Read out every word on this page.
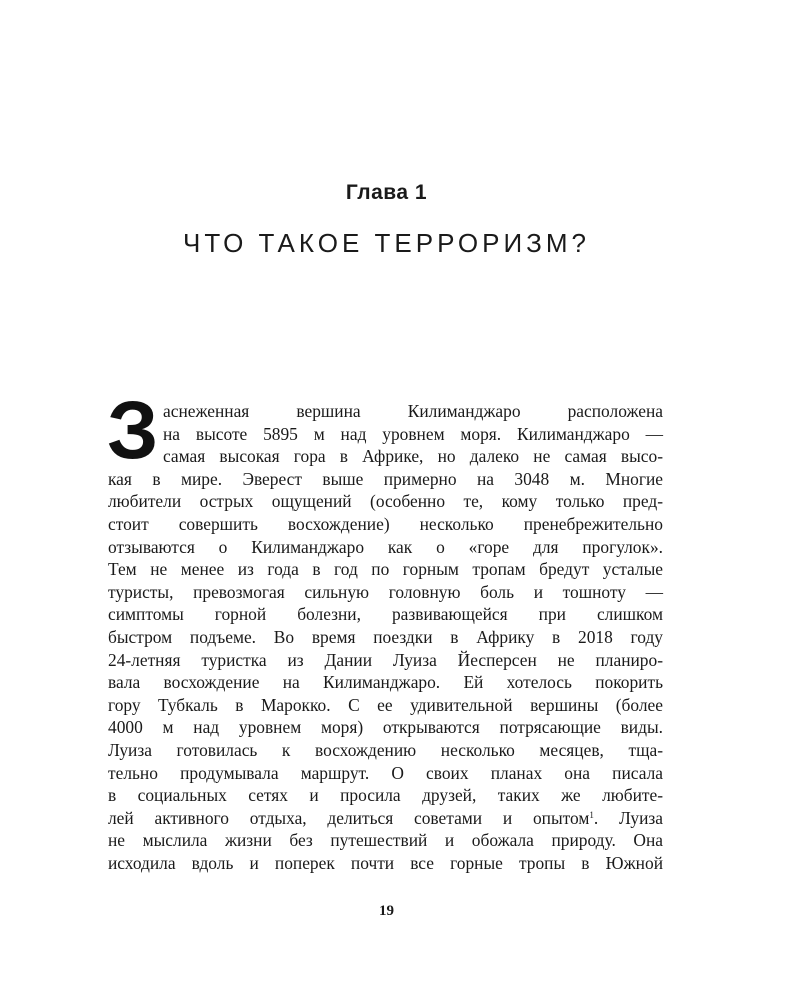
Глава 1
ЧТО ТАКОЕ ТЕРРОРИЗМ?
З аснеженная вершина Килиманджаро расположена
на высоте 5895 м над уровнем моря. Килиманджаро —
самая высокая гора в Африке, но далеко не самая высо-
кая в мире. Эверест выше примерно на 3048 м. Многие
любители острых ощущений (особенно те, кому только пред-
стоит совершить восхождение) несколько пренебрежительно
отзываются о Килиманджаро как о «горе для прогулок».
Тем не менее из года в год по горным тропам бредут усталые
туристы, превозмогая сильную головную боль и тошноту —
симптомы горной болезни, развивающейся при слишком
быстром подъеме. Во время поездки в Африку в 2018 году
24-летняя туристка из Дании Луиза Йесперсен не планиро-
вала восхождение на Килиманджаро. Ей хотелось покорить
гору Тубкаль в Марокко. С ее удивительной вершины (более
4000 м над уровнем моря) открываются потрясающие виды.
Луиза готовилась к восхождению несколько месяцев, тща-
тельно продумывала маршрут. О своих планах она писала
в социальных сетях и просила друзей, таких же любите-
лей активного отдыха, делиться советами и опытом$^1$. Луиза
не мыслила жизни без путешествий и обожала природу. Она
исходила вдоль и поперек почти все горные тропы в Южной
19
